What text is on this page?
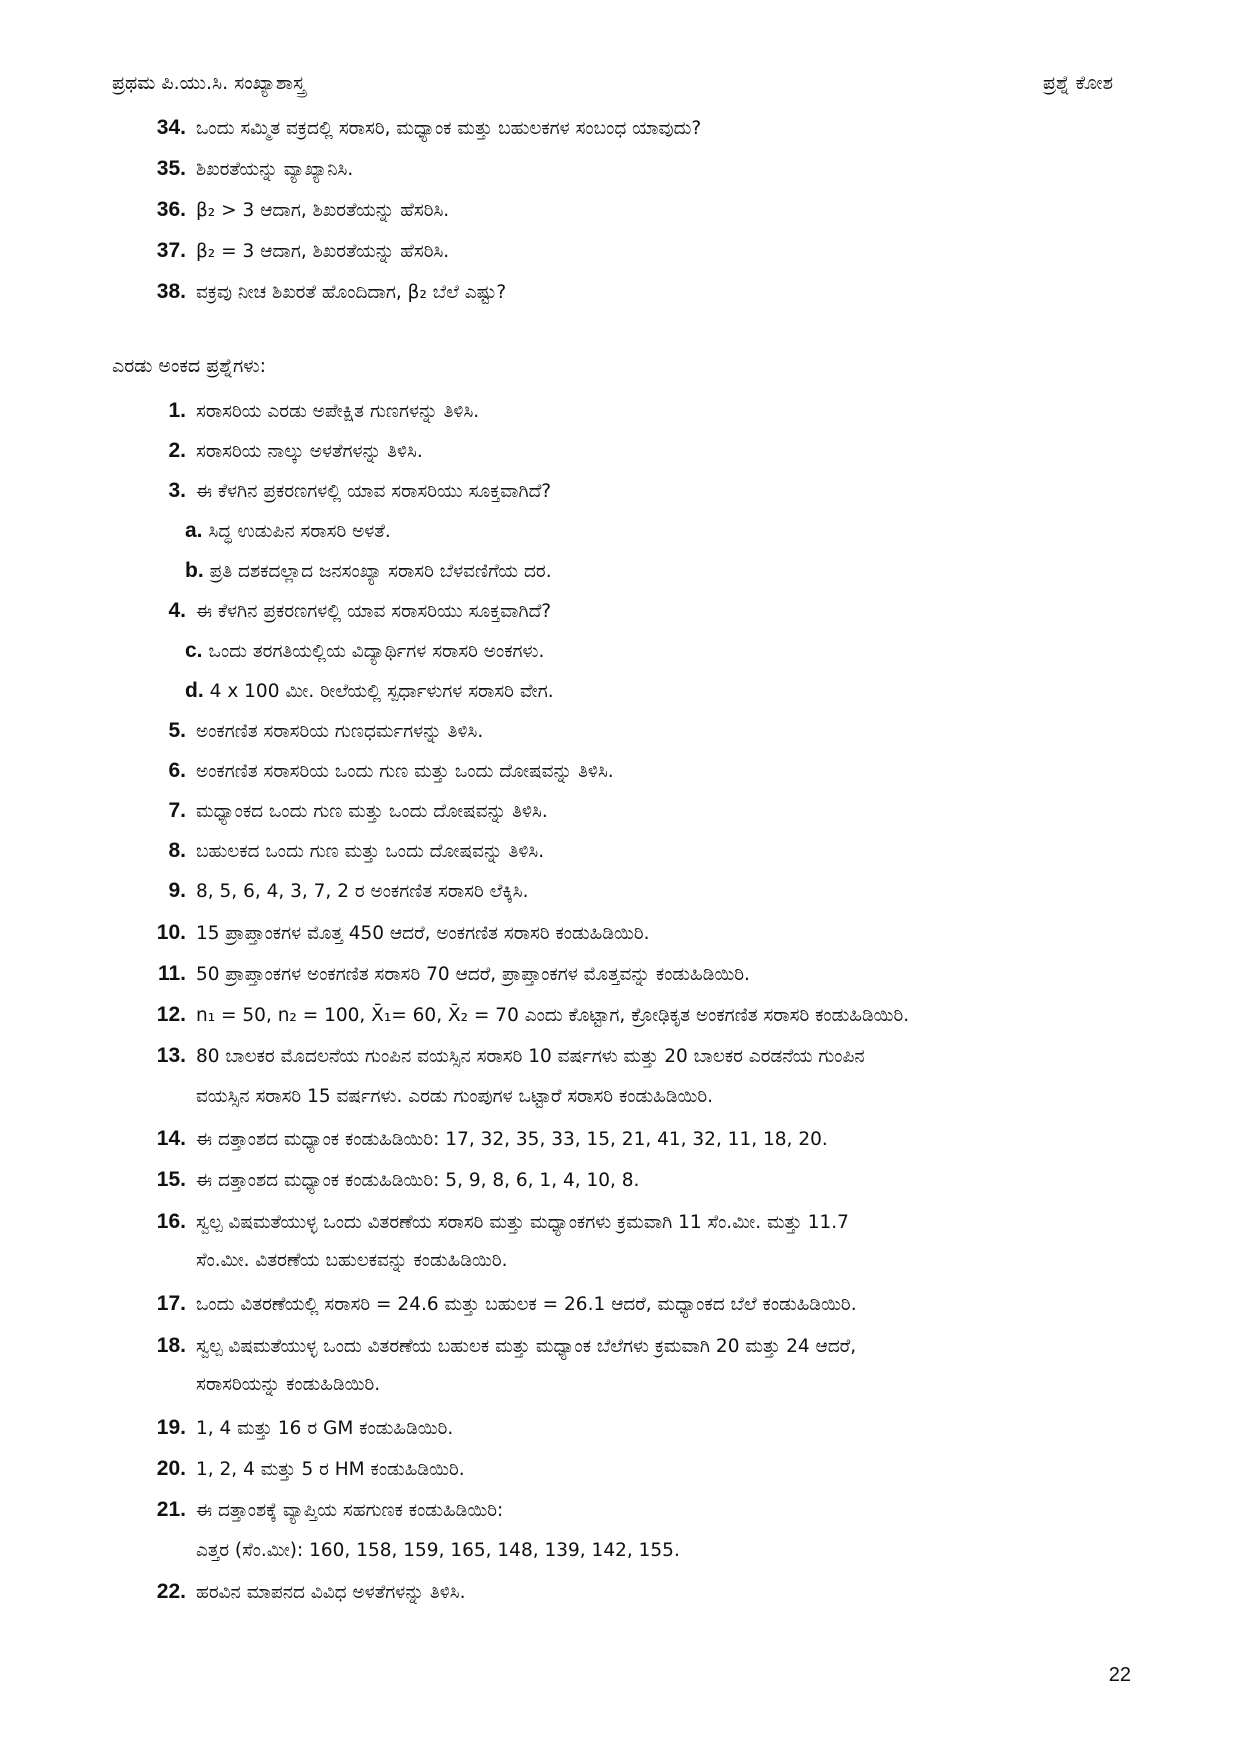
ಪ್ರಥಮ ಪಿ.ಯು.ಸಿ. ಸಂಖ್ಯಾಶಾಸ್ತ್ರ	ಪ್ರಶ್ನೆ ಕೋಶ
34. ಒಂದು ಸಮ್ಮಿತ ವಕ್ರದಲ್ಲಿ ಸರಾಸರಿ, ಮಧ್ಯಾಂಕ ಮತ್ತು ಬಹುಲಕಗಳ ಸಂಬಂಧ ಯಾವುದು?
35. ಶಿಖರತೆಯನ್ನು ವ್ಯಾಖ್ಯಾನಿಸಿ.
36. β₂ > 3 ಆದಾಗ, ಶಿಖರತೆಯನ್ನು ಹೆಸರಿಸಿ.
37. β₂ = 3 ಆದಾಗ, ಶಿಖರತೆಯನ್ನು ಹೆಸರಿಸಿ.
38. ವಕ್ರವು ನೀಚ ಶಿಖರತೆ ಹೊಂದಿದಾಗ, β₂ ಬೆಲೆ ಎಷ್ಟು?
ಎರಡು ಅಂಕದ ಪ್ರಶ್ನೆಗಳು:
1. ಸರಾಸರಿಯ ಎರಡು ಅಪೇಕ್ಷಿತ ಗುಣಗಳನ್ನು ತಿಳಿಸಿ.
2. ಸರಾಸರಿಯ ನಾಲ್ಕು ಅಳತೆಗಳನ್ನು ತಿಳಿಸಿ.
3. ಈ ಕೆಳಗಿನ ಪ್ರಕರಣಗಳಲ್ಲಿ ಯಾವ ಸರಾಸರಿಯು ಸೂಕ್ತವಾಗಿದೆ?
a. ಸಿದ್ಧ ಉಡುಪಿನ ಸರಾಸರಿ ಅಳತೆ.
b. ಪ್ರತಿ ದಶಕದಲ್ಲಾದ ಜನಸಂಖ್ಯಾ ಸರಾಸರಿ ಬೆಳವಣಿಗೆಯ ದರ.
4. ಈ ಕೆಳಗಿನ ಪ್ರಕರಣಗಳಲ್ಲಿ ಯಾವ ಸರಾಸರಿಯು ಸೂಕ್ತವಾಗಿದೆ?
c. ಒಂದು ತರಗತಿಯಲ್ಲಿಯ ವಿದ್ಯಾರ್ಥಿಗಳ ಸರಾಸರಿ ಅಂಕಗಳು.
d. 4 x 100 ಮೀ. ರೀಲೆಯಲ್ಲಿ ಸ್ಪರ್ಧಾಳುಗಳ ಸರಾಸರಿ ವೇಗ.
5. ಅಂಕಗಣಿತ ಸರಾಸರಿಯ ಗುಣಧರ್ಮಗಳನ್ನು ತಿಳಿಸಿ.
6. ಅಂಕಗಣಿತ ಸರಾಸರಿಯ ಒಂದು ಗುಣ ಮತ್ತು ಒಂದು ದೋಷವನ್ನು ತಿಳಿಸಿ.
7. ಮಧ್ಯಾಂಕದ ಒಂದು ಗುಣ ಮತ್ತು ಒಂದು ದೋಷವನ್ನು ತಿಳಿಸಿ.
8. ಬಹುಲಕದ ಒಂದು ಗುಣ ಮತ್ತು ಒಂದು ದೋಷವನ್ನು ತಿಳಿಸಿ.
9. 8, 5, 6, 4, 3, 7, 2 ರ ಅಂಕಗಣಿತ ಸರಾಸರಿ ಲೆಕ್ಕಿಸಿ.
10. 15 ಪ್ರಾಪ್ತಾಂಕಗಳ ಮೊತ್ತ 450 ಆದರೆ, ಅಂಕಗಣಿತ ಸರಾಸರಿ ಕಂಡುಹಿಡಿಯಿರಿ.
11. 50 ಪ್ರಾಪ್ತಾಂಕಗಳ ಅಂಕಗಣಿತ ಸರಾಸರಿ 70 ಆದರೆ, ಪ್ರಾಪ್ತಾಂಕಗಳ ಮೊತ್ತವನ್ನು ಕಂಡುಹಿಡಿಯಿರಿ.
12. n₁ = 50, n₂ = 100, X̄₁= 60, X̄₂ = 70 ಎಂದು ಕೊಟ್ಟಾಗ, ಕ್ರೋಢಿಕೃತ ಅಂಕಗಣಿತ ಸರಾಸರಿ ಕಂಡುಹಿಡಿಯಿರಿ.
13. 80 ಬಾಲಕರ ಮೊದಲನೆಯ ಗುಂಪಿನ ವಯಸ್ಸಿನ ಸರಾಸರಿ 10 ವರ್ಷಗಳು ಮತ್ತು 20 ಬಾಲಕರ ಎರಡನೆಯ ಗುಂಪಿನ
ವಯಸ್ಸಿನ ಸರಾಸರಿ 15 ವರ್ಷಗಳು. ಎರಡು ಗುಂಪುಗಳ ಒಟ್ಟಾರೆ ಸರಾಸರಿ ಕಂಡುಹಿಡಿಯಿರಿ.
14. ಈ ದತ್ತಾಂಶದ ಮಧ್ಯಾಂಕ ಕಂಡುಹಿಡಿಯಿರಿ: 17, 32, 35, 33, 15, 21, 41, 32, 11, 18, 20.
15. ಈ ದತ್ತಾಂಶದ ಮಧ್ಯಾಂಕ ಕಂಡುಹಿಡಿಯಿರಿ: 5, 9, 8, 6, 1, 4, 10, 8.
16. ಸ್ವಲ್ಪ ವಿಷಮತೆಯುಳ್ಳ ಒಂದು ವಿತರಣೆಯ ಸರಾಸರಿ ಮತ್ತು ಮಧ್ಯಾಂಕಗಳು ಕ್ರಮವಾಗಿ 11 ಸೆಂ.ಮೀ. ಮತ್ತು 11.7
ಸೆಂ.ಮೀ. ವಿತರಣೆಯ ಬಹುಲಕವನ್ನು ಕಂಡುಹಿಡಿಯಿರಿ.
17. ಒಂದು ವಿತರಣೆಯಲ್ಲಿ ಸರಾಸರಿ = 24.6 ಮತ್ತು ಬಹುಲಕ = 26.1 ಆದರೆ, ಮಧ್ಯಾಂಕದ ಬೆಲೆ ಕಂಡುಹಿಡಿಯಿರಿ.
18. ಸ್ವಲ್ಪ ವಿಷಮತೆಯುಳ್ಳ ಒಂದು ವಿತರಣೆಯ ಬಹುಲಕ ಮತ್ತು ಮಧ್ಯಾಂಕ ಬೆಲೆಗಳು ಕ್ರಮವಾಗಿ 20 ಮತ್ತು 24 ಆದರೆ,
ಸರಾಸರಿಯನ್ನು ಕಂಡುಹಿಡಿಯಿರಿ.
19. 1, 4 ಮತ್ತು 16 ರ GM ಕಂಡುಹಿಡಿಯಿರಿ.
20. 1, 2, 4 ಮತ್ತು 5 ರ HM ಕಂಡುಹಿಡಿಯಿರಿ.
21. ಈ ದತ್ತಾಂಶಕ್ಕೆ ವ್ಯಾಪ್ತಿಯ ಸಹಗುಣಕ ಕಂಡುಹಿಡಿಯಿರಿ:
ಎತ್ತರ (ಸೆಂ.ಮೀ): 160, 158, 159, 165, 148, 139, 142, 155.
22. ಹರವಿನ ಮಾಪನದ ವಿವಿಧ ಅಳತೆಗಳನ್ನು ತಿಳಿಸಿ.
22
